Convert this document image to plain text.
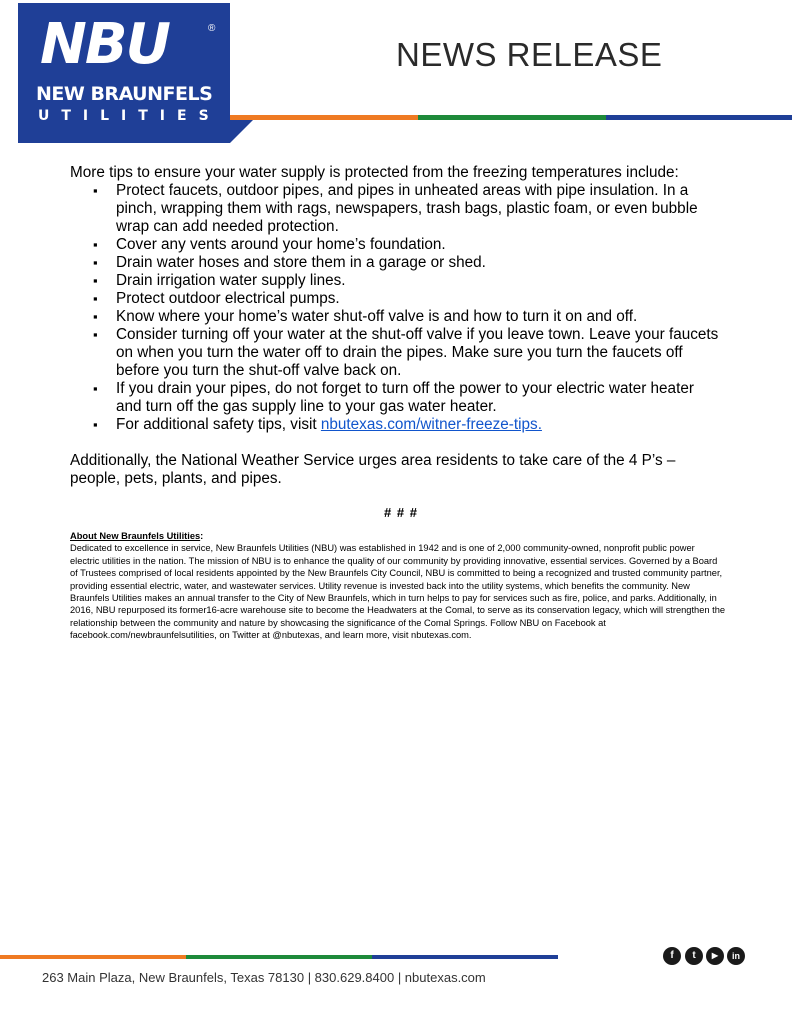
NBU	®
NEW BRAUNFELS
UTILITIES
NEWS RELEASE

More tips to ensure your water supply is protected from the freezing temperatures include:

▪ Protect faucets, outdoor pipes, and pipes in unheated areas with pipe insulation. In a pinch, wrapping them with rags, newspapers, trash bags, plastic foam, or even bubble wrap can add needed protection.
▪ Cover any vents around your home’s foundation.
▪ Drain water hoses and store them in a garage or shed.
▪ Drain irrigation water supply lines.
▪ Protect outdoor electrical pumps.
▪ Know where your home’s water shut-off valve is and how to turn it on and off.
▪ Consider turning off your water at the shut-off valve if you leave town. Leave your faucets on when you turn the water off to drain the pipes. Make sure you turn the faucets off before you turn the shut-off valve back on.
▪ If you drain your pipes, do not forget to turn off the power to your electric water heater and turn off the gas supply line to your gas water heater.
▪ For additional safety tips, visit nbutexas.com/witner-freeze-tips.

Additionally, the National Weather Service urges area residents to take care of the 4 P’s – people, pets, plants, and pipes.

# # #

About New Braunfels Utilities:
Dedicated to excellence in service, New Braunfels Utilities (NBU) was established in 1942 and is one of 2,000 community-owned, nonprofit public power electric utilities in the nation. The mission of NBU is to enhance the quality of our community by providing innovative, essential services. Governed by a Board of Trustees comprised of local residents appointed by the New Braunfels City Council, NBU is committed to being a recognized and trusted community partner, providing essential electric, water, and wastewater services. Utility revenue is invested back into the utility systems, which benefits the community. New Braunfels Utilities makes an annual transfer to the City of New Braunfels, which in turn helps to pay for services such as fire, police, and parks. Additionally, in 2016, NBU repurposed its former16-acre warehouse site to become the Headwaters at the Comal, to serve as its conservation legacy, which will strengthen the relationship between the community and nature by showcasing the significance of the Comal Springs. Follow NBU on Facebook at facebook.com/newbraunfelsutilities, on Twitter at @nbutexas, and learn more, visit nbutexas.com.
f	t	▶	in
263 Main Plaza, New Braunfels, Texas 78130 | 830.629.8400 | nbutexas.com
